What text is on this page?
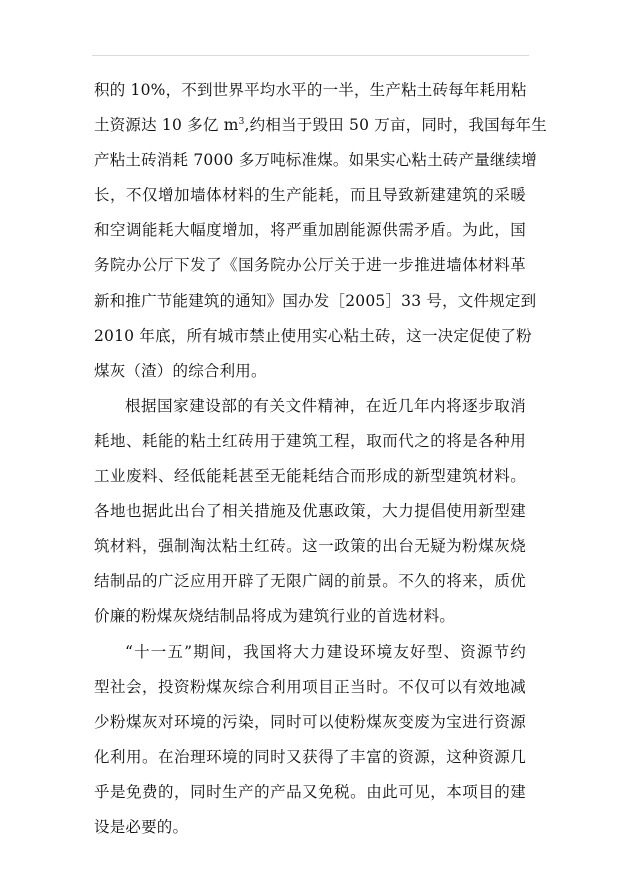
积的 10%，不到世界平均水平的一半，生产粘土砖每年耗用粘
土资源达 10 多亿 $m^3$,约相当于毁田 50 万亩，同时，我国每年生
产粘土砖消耗 7000 多万吨标准煤。如果实心粘土砖产量继续增
长，不仅增加墙体材料的生产能耗，而且导致新建建筑的采暖
和空调能耗大幅度增加，将严重加剧能源供需矛盾。为此，国
务院办公厅下发了《国务院办公厅关于进一步推进墙体材料革
新和推广节能建筑的通知》国办发［2005］33 号，文件规定到
2010 年底，所有城市禁止使用实心粘土砖，这一决定促使了粉
煤灰（渣）的综合利用。
根据国家建设部的有关文件精神，在近几年内将逐步取消
耗地、耗能的粘土红砖用于建筑工程，取而代之的将是各种用
工业废料、经低能耗甚至无能耗结合而形成的新型建筑材料。
各地也据此出台了相关措施及优惠政策，大力提倡使用新型建
筑材料，强制淘汰粘土红砖。这一政策的出台无疑为粉煤灰烧
结制品的广泛应用开辟了无限广阔的前景。不久的将来，质优
价廉的粉煤灰烧结制品将成为建筑行业的首选材料。
“十一五”期间，我国将大力建设环境友好型、资源节约
型社会，投资粉煤灰综合利用项目正当时。不仅可以有效地减
少粉煤灰对环境的污染，同时可以使粉煤灰变废为宝进行资源
化利用。在治理环境的同时又获得了丰富的资源，这种资源几
乎是免费的，同时生产的产品又免税。由此可见，本项目的建
设是必要的。
